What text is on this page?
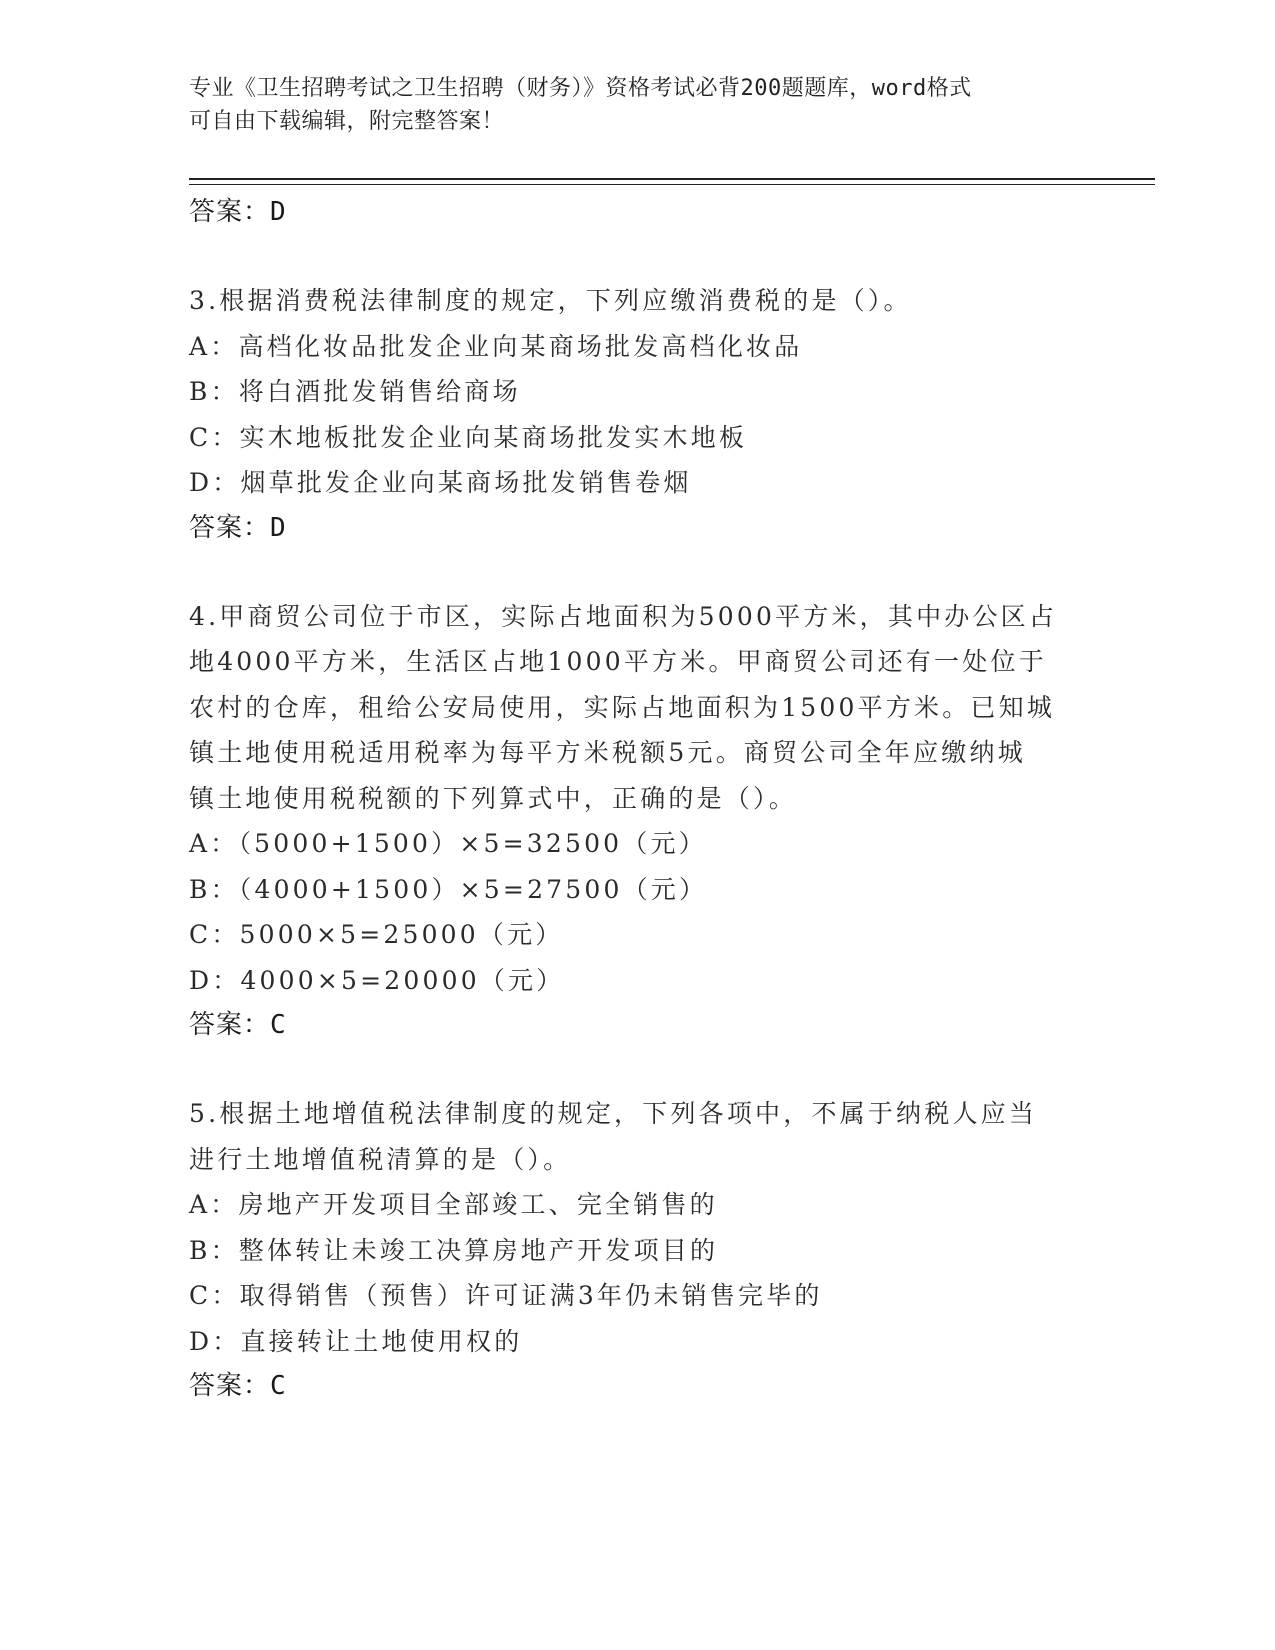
专业《卫生招聘考试之卫生招聘（财务）》资格考试必背200题题库，word格式
可自由下载编辑，附完整答案！
答案：D
3.根据消费税法律制度的规定，下列应缴消费税的是（）。
A：高档化妆品批发企业向某商场批发高档化妆品
B：将白酒批发销售给商场
C：实木地板批发企业向某商场批发实木地板
D：烟草批发企业向某商场批发销售卷烟
答案：D
4.甲商贸公司位于市区，实际占地面积为5000平方米，其中办公区占
地4000平方米，生活区占地1000平方米。甲商贸公司还有一处位于
农村的仓库，租给公安局使用，实际占地面积为1500平方米。已知城
镇土地使用税适用税率为每平方米税额5元。商贸公司全年应缴纳城
镇土地使用税税额的下列算式中，正确的是（）。
A：（5000+1500）×5=32500（元）
B：（4000+1500）×5=27500（元）
C：5000×5=25000（元）
D：4000×5=20000（元）
答案：C
5.根据土地增值税法律制度的规定，下列各项中，不属于纳税人应当
进行土地增值税清算的是（）。
A：房地产开发项目全部竣工、完全销售的
B：整体转让未竣工决算房地产开发项目的
C：取得销售（预售）许可证满3年仍未销售完毕的
D：直接转让土地使用权的
答案：C
